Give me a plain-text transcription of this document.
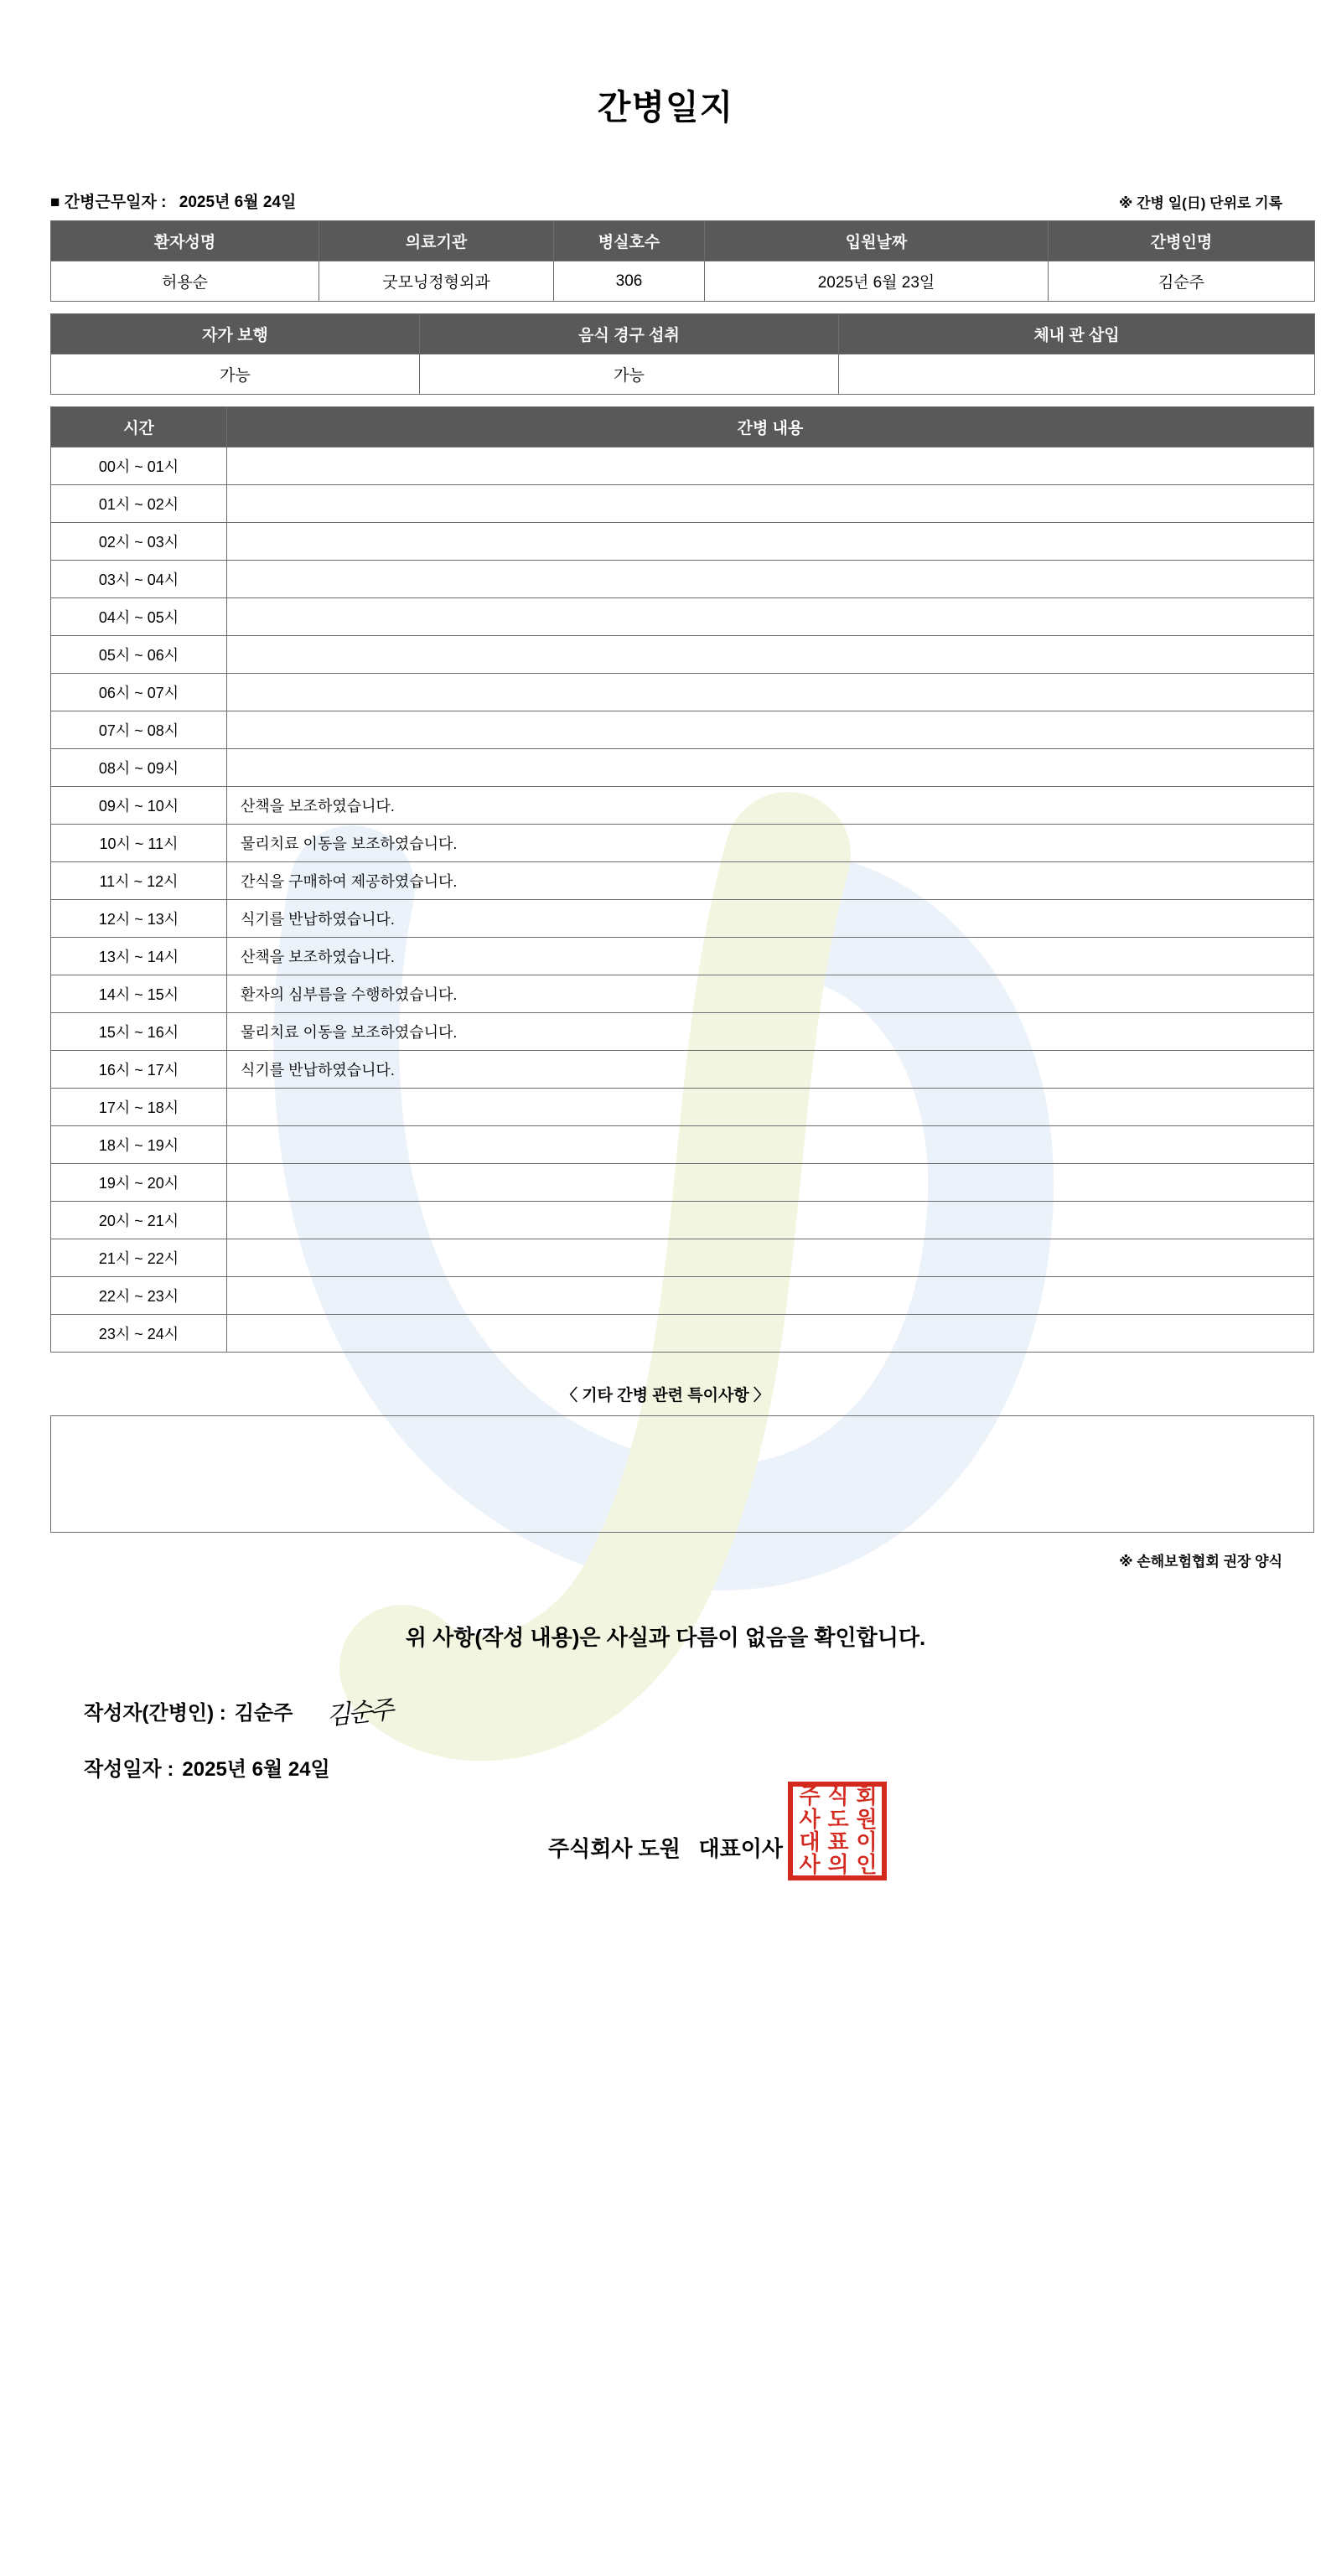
간병일지
■ 간병근무일자 : 2025년 6월 24일	※ 간병 일(日) 단위로 기록
환자성명	의료기관	병실호수	입원날짜	간병인명
허용순	굿모닝정형외과	306	2025년 6월 23일	김순주
자가 보행	음식 경구 섭취	체내 관 삽입
가능	가능	
시간	간병 내용
00시 ~ 01시	
01시 ~ 02시	
02시 ~ 03시	
03시 ~ 04시	
04시 ~ 05시	
05시 ~ 06시	
06시 ~ 07시	
07시 ~ 08시	
08시 ~ 09시	
09시 ~ 10시	산책을 보조하였습니다.
10시 ~ 11시	물리치료 이동을 보조하였습니다.
11시 ~ 12시	간식을 구매하여 제공하였습니다.
12시 ~ 13시	식기를 반납하였습니다.
13시 ~ 14시	산책을 보조하였습니다.
14시 ~ 15시	환자의 심부름을 수행하였습니다.
15시 ~ 16시	물리치료 이동을 보조하였습니다.
16시 ~ 17시	식기를 반납하였습니다.
17시 ~ 18시	
18시 ~ 19시	
19시 ~ 20시	
20시 ~ 21시	
21시 ~ 22시	
22시 ~ 23시	
23시 ~ 24시	
〈 기타 간병 관련 특이사항 〉
※ 손해보험협회 권장 양식
위 사항(작성 내용)은 사실과 다름이 없음을 확인합니다.
작성자(간병인) : 김순주 김순주
작성일자 : 2025년 6월 24일
주식회사 도원   대표이사
주 식 회
사 도 원
대 표 이
사 의 인
